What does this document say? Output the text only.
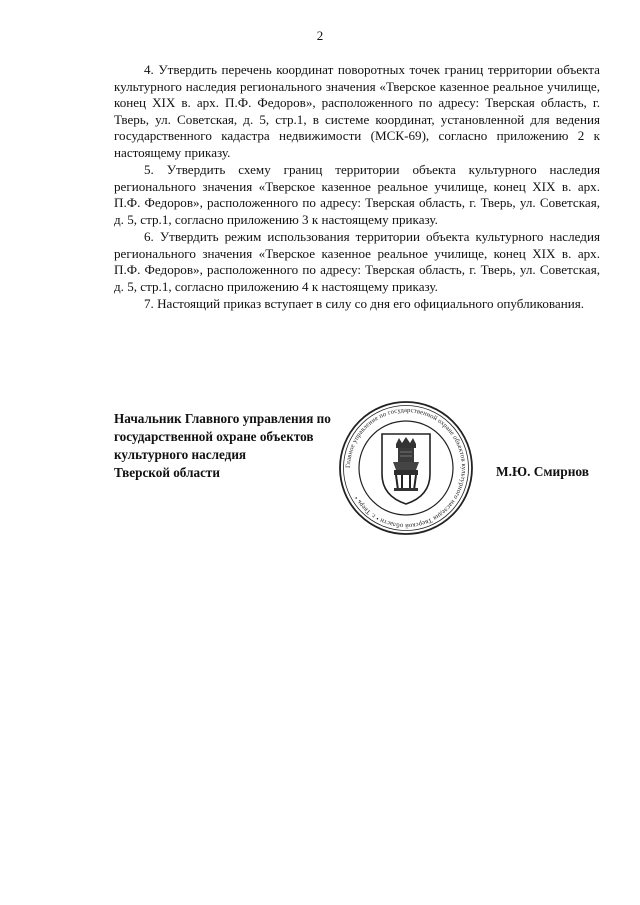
2

4. Утвердить перечень координат поворотных точек границ территории объекта культурного наследия регионального значения «Тверское казенное реальное училище, конец XIX в. арх. П.Ф. Федоров», расположенного по адресу: Тверская область, г. Тверь, ул. Советская, д. 5, стр.1, в системе координат, установленной для ведения государственного кадастра недвижимости (МСК-69), согласно приложению 2 к настоящему приказу.

5. Утвердить схему границ территории объекта культурного наследия регионального значения «Тверское казенное реальное училище, конец XIX в. арх. П.Ф. Федоров», расположенного по адресу: Тверская область, г. Тверь, ул. Советская, д. 5, стр.1, согласно приложению 3 к настоящему приказу.

6. Утвердить режим использования территории объекта культурного наследия регионального значения «Тверское казенное реальное училище, конец XIX в. арх. П.Ф. Федоров», расположенного по адресу: Тверская область, г. Тверь, ул. Советская, д. 5, стр.1, согласно приложению 4 к настоящему приказу.

7. Настоящий приказ вступает в силу со дня его официального опубликования.

Начальник Главного управления по
государственной охране объектов
культурного наследия
Тверской области	Главное управление по государственной охране объектов культурного наследия Тверской области • г. Тверь •
М.Ю. Смирнов
